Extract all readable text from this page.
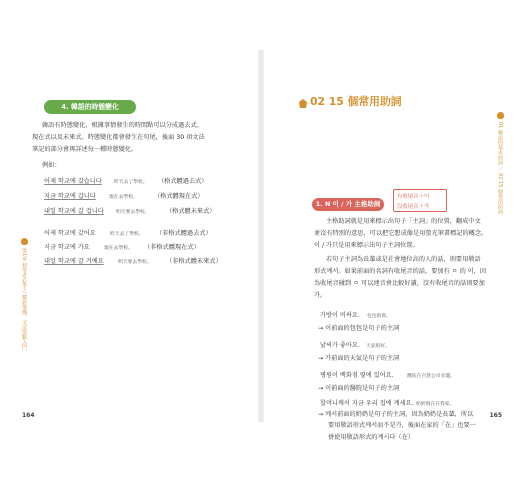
4. 韓語的時態變化
韓語有時態變化，根據事情發生的時間點可以分成過去式、
現在式以及未來式。時態變化都會發生在句尾，後面 30 項文法
筆記的部分會再詳述每一種時態變化。
例如：
어제 학교에 갔습니다	昨天去了學校。 （格式體過去式）
지금 학교에 갑니다	現在去學校。	（格式體現在式）
내일 학교에 갈 겁니다	明天要去學校。	（格式體未來式）
어제 학교에 갔어요	昨天去了學校。 （非格式體過去式）
지금 학교에 가요	現在去學校。 （非格式體現在式）
내일 학교에 갈 거예요	明天要去學校。 （非格式體未來式）
第1章 初學者必學之 韓語架構，文法要點入門
164
02 15 個常用助詞
1. N 이 / 가 主格助詞
有收尾音＋이
沒收尾音＋가
主格助詞就是用來標示出句子「主詞」的位置，翻成中文
並沒有特別的意思，可以把它想成像是用螢光筆畫標記的概念。
이 / 가只是用來標示出句子主詞位置。
若句子主詞為長輩或是社會地位高的人的話，則要用敬語
形式께서。如果前面的名詞有收尾音的話，要加有 ㅇ 的 이，因
為收尾音碰到 ㅇ 可以連音會比較好讀，沒有收尾音的話則要加
가。
가방이 비싸요. 包包很貴。
→ 이前面的包包是句子的主詞
날씨가 좋아요. 天氣很好。
→ 가前面的天氣是句子的主詞
병원이 백화점 옆에 있어요.	醫院在百貨公司旁邊。
→ 이前面的醫院是句子的主詞
할머니께서 지금 우리 집에 계세요. 奶奶現在在我家。
→ 께서前面的奶奶是句子的主詞，因為奶奶是長輩，所以
要用敬語形式께서而不是가，後面在家的「在」也要一
併使用敬語形式的계시다（在）
01 韓語的基本助詞 ／ 02 15 個常用助詞
165
